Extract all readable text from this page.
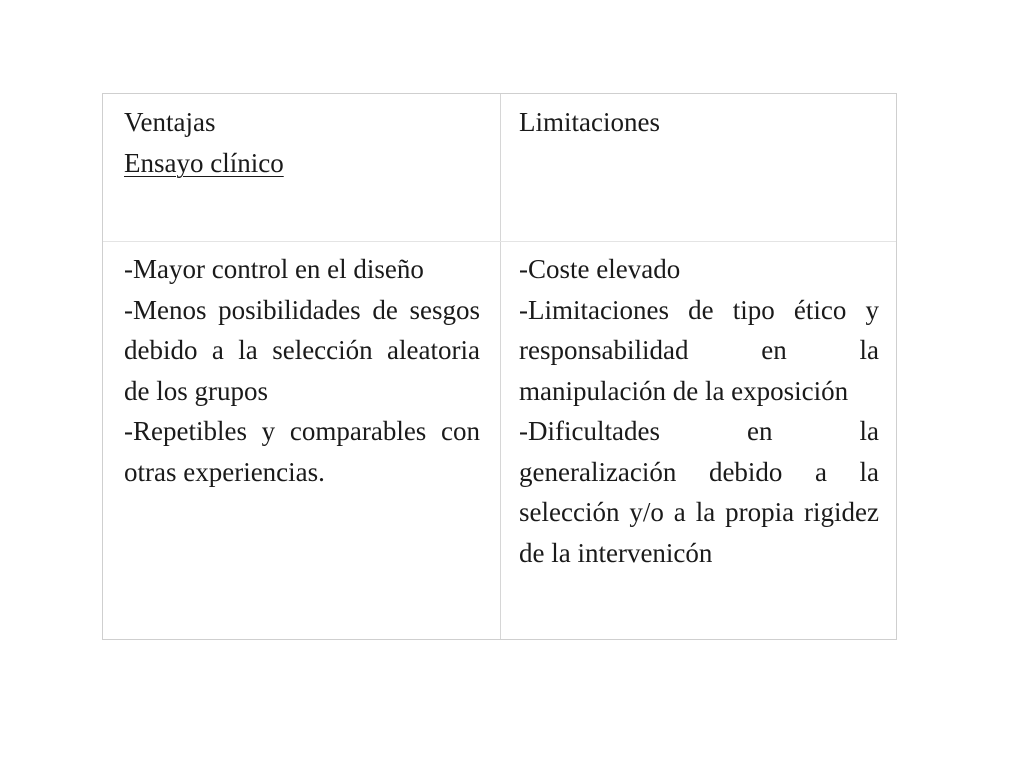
Ventajas
Ensayo clínico
Limitaciones
-Mayor control en el diseño
-Menos posibilidades de sesgos debido a la selección aleatoria de los grupos
-Repetibles y comparables con otras experiencias.
-Coste elevado
-Limitaciones de tipo ético y responsabilidad en la manipulación de la exposición
-Dificultades en la generalización debido a la selección y/o a la propia rigidez de la intervenicón
